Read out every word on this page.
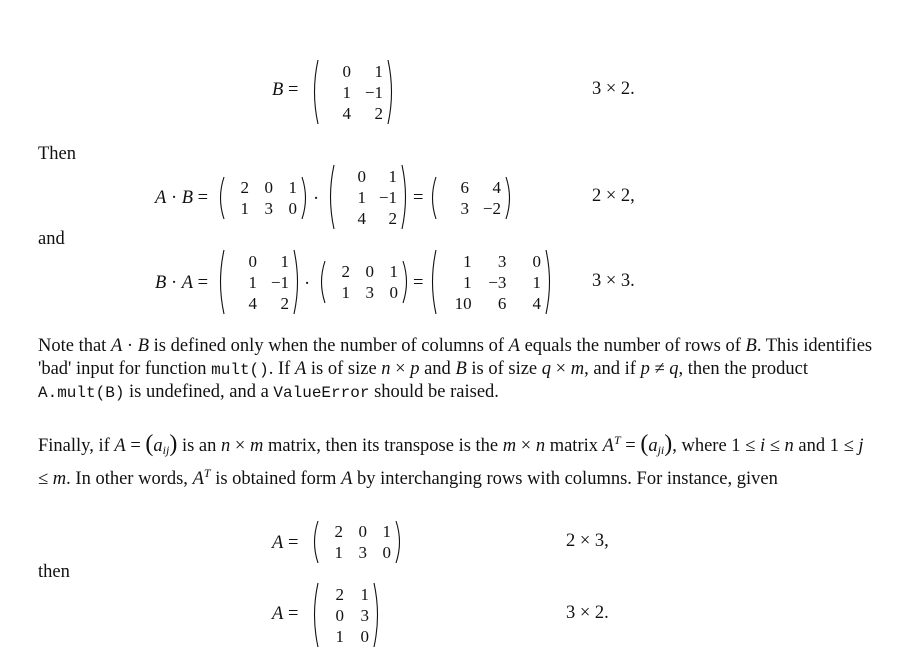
B =
0	1
1 −1
4	2
3 × 2.
Then
A · B =
2 0 1
1 3 0 ·
0	1
1 −1
4	2
=
6	4
3 −2
2 × 2,
and
B · A =
0	1
1 −1
4	2
·
2 0 1
1 3 0 =
1	3	0
1 −3	1
10	6	4
3 × 3.
Note that A · B is defined only when the number of columns of A equals the number of rows of B. This identifies 'bad' input for function mult(). If A is of size n × p and B is of size q × m, and if p ≠ q, then the product A.mult(B) is undefined, and a ValueError should be raised.
Finally, if $A = (a_{ij})$ is an n × m matrix, then its transpose is the m × n matrix $A^T = (a_{ji})$, where 1 ≤ i ≤ n and 1 ≤ j ≤ m. In other words, $A^T$ is obtained form A by interchanging rows with columns. For instance, given
A =
2 0 1
1 3 0
2 × 3,
then
A =
2 1
0 3
1 0
3 × 2.
